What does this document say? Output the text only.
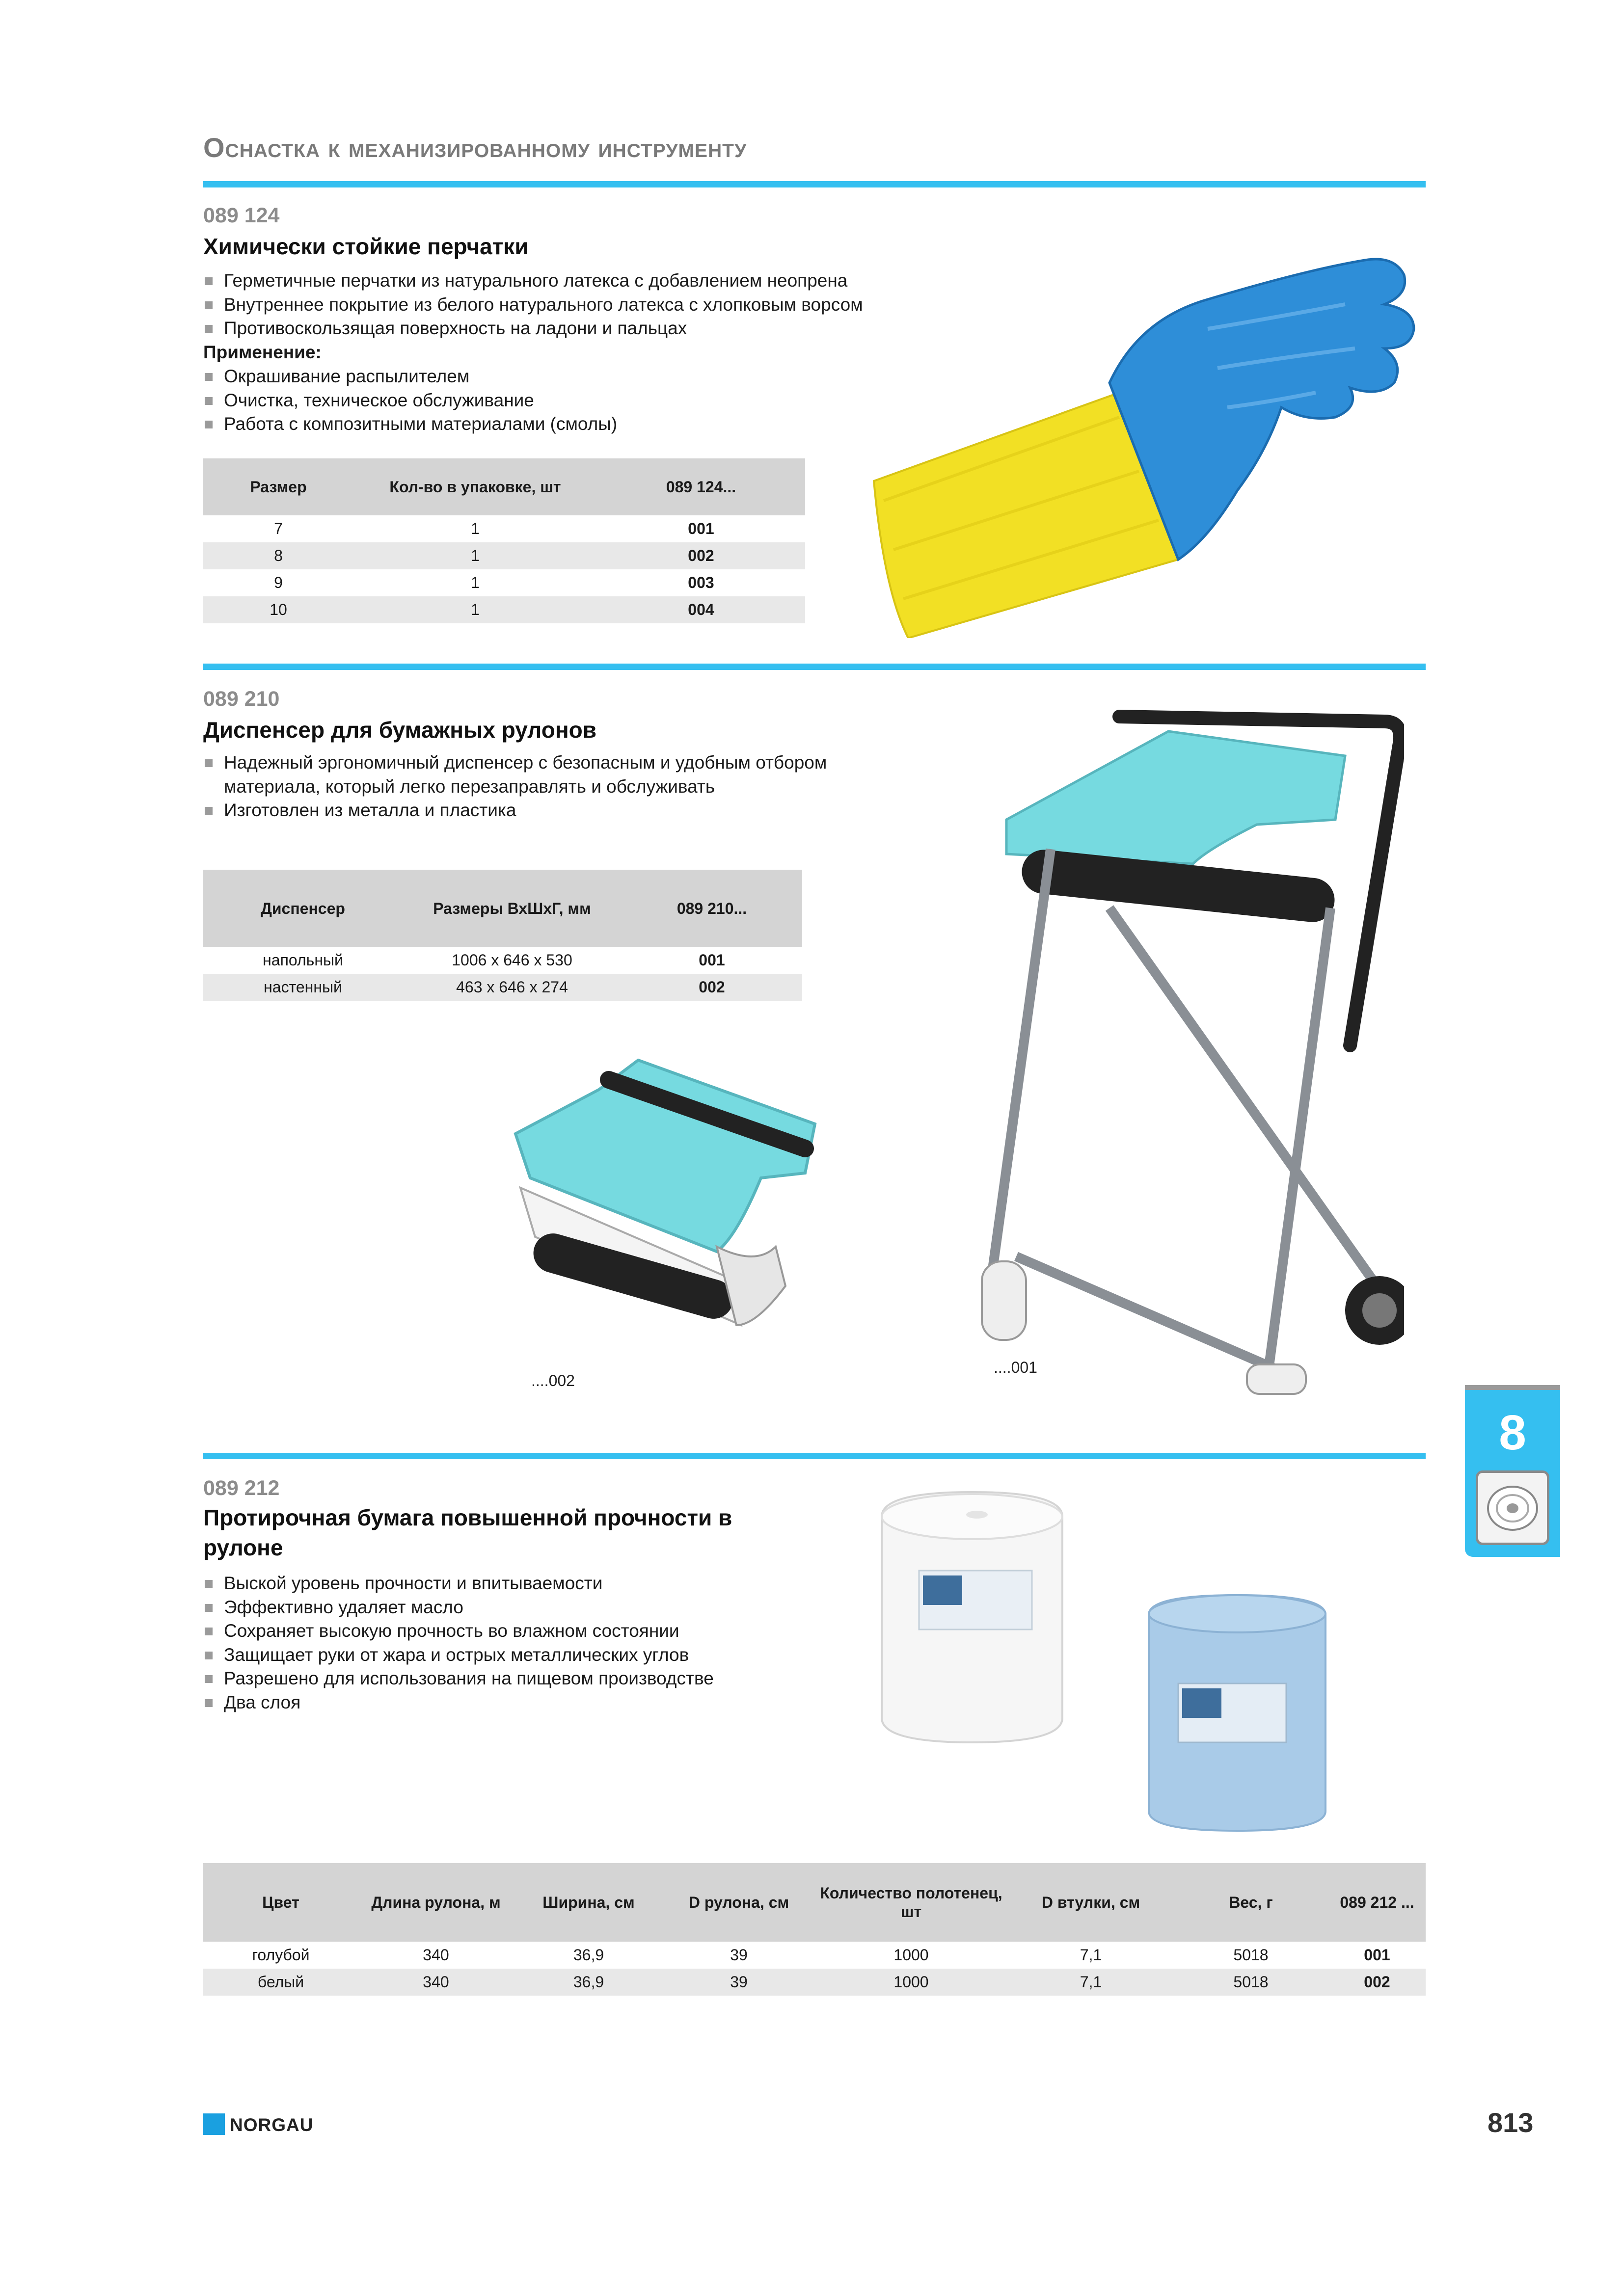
Оснастка к механизированному инструменту
089 124
Химически стойкие перчатки
Герметичные перчатки из натурального латекса с добавлением неопрена
Внутреннее покрытие из белого натурального латекса с хлопковым ворсом
Противоскользящая поверхность на ладони и пальцах
Применение:
Окрашивание распылителем
Очистка, техническое обслуживание
Работа с композитными материалами (смолы)
Размер	Кол-во в упаковке, шт	089 124...
7	1	001
8	1	002
9	1	003
10	1	004
089 210
Диспенсер для бумажных рулонов
Надежный эргономичный диспенсер с безопасным и удобным отбором материала, который легко перезаправлять и обслуживать
Изготовлен из металла и пластика
Диспенсер	Размеры ВхШхГ, мм	089 210...
напольный	1006 x 646 x 530	001
настенный	463 x 646 x 274	002
....002
....001
8
089 212
Протирочная бумага повышенной прочности в рулоне
Выской уровень прочности и впитываемости
Эффективно удаляет масло
Сохраняет высокую прочность во влажном состоянии
Защищает руки от жара и острых металлических углов
Разрешено для использования на пищевом производстве
Два слоя
Цвет	Длина рулона, м	Ширина, см	D рулона, см	Количество полотенец, шт	D втулки, см	Вес, г	089 212 ...
голубой	340	36,9	39	1000	7,1	5018	001
белый	340	36,9	39	1000	7,1	5018	002
NORGAU	813
